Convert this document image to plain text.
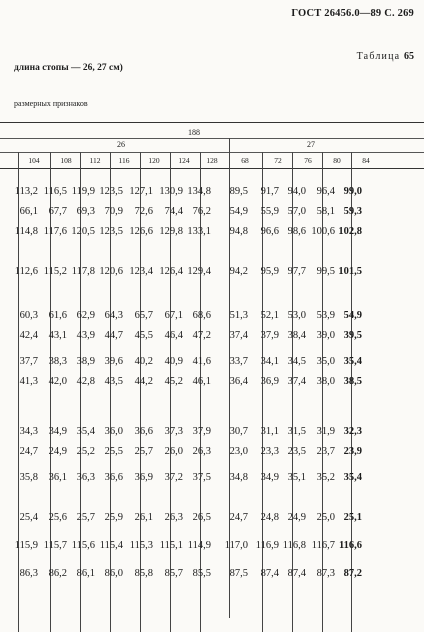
ГОСТ 26456.0—89 С. 269
Таблица 65
длина стопы — 26, 27 см)
размерных признаков
188
26	27
104	108 112 116	120	124 128	68	72	76	80	84
113,2 116,5 119,9 123,5 127,1 130,9 134,8	89,5	91,7 94,0	96,4 99,0
66,1	67,7 69,3 70,9	72,6	74,4 76,2	54,9	55,9 57,0	58,1 59,3
114,8 117,6 120,5 123,5 126,6 129,8 133,1	94,8	96,6 98,6 100,6 102,8
112,6 115,2 117,8 120,6 123,4 126,4 129,4	94,2	95,9 97,7	99,5 101,5
60,3	61,6 62,9 64,3	65,7	67,1 68,6	51,3	52,1 53,0	53,9 54,9
42,4	43,1 43,9 44,7	45,5	46,4 47,2	37,4	37,9 38,4	39,0 39,5
37,7	38,3 38,9 39,6	40,2	40,9 41,6	33,7	34,1 34,5	35,0 35,4
41,3	42,0 42,8 43,5	44,2	45,2 46,1	36,4	36,9 37,4	38,0 38,5
34,3	34,9 35,4 36,0	36,6	37,3 37,9	30,7	31,1 31,5	31,9 32,3
24,7	24,9 25,2 25,5	25,7	26,0 26,3	23,0	23,3 23,5	23,7 23,9
35,8	36,1 36,3 36,6	36,9	37,2 37,5	34,8	34,9 35,1	35,2 35,4
25,4	25,6 25,7 25,9	26,1	26,3 26,5	24,7	24,8 24,9	25,0 25,1
115,9 115,7 115,6 115,4 115,3 115,1 114,9	117,0 116,9 116,8 116,7 116,6
86,3	86,2 86,1 86,0	85,8	85,7 85,5	87,5	87,4 87,4	87,3 87,2
